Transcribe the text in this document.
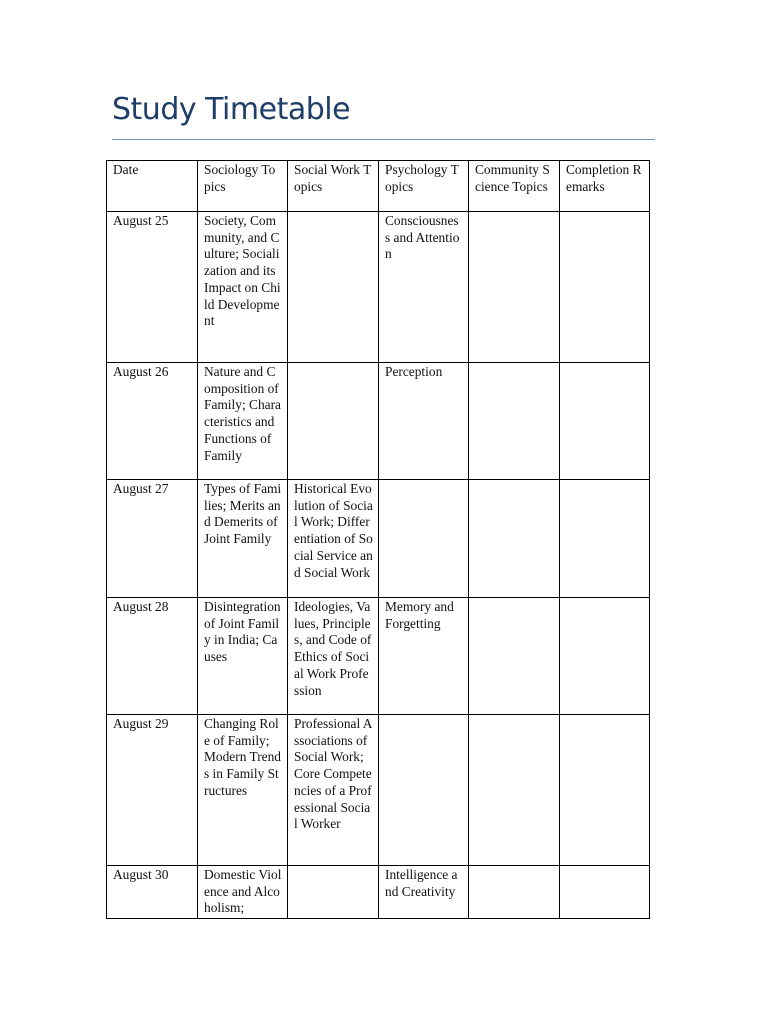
Study Timetable
Date	Sociology Topics	Social Work Topics	Psychology Topics	Community Science Topics	Completion Remarks
August 25	Society, Community, and Culture; Socialization and its Impact on Child Development		Consciousness and Attention		
August 26	Nature and Composition of Family; Characteristics and Functions of Family		Perception		
August 27	Types of Families; Merits and Demerits of Joint Family	Historical Evolution of Social Work; Differentiation of Social Service and Social Work			
August 28	Disintegration of Joint Family in India; Causes	Ideologies, Values, Principles, and Code of Ethics of Social Work Profession	Memory and Forgetting		
August 29	Changing Role of Family; Modern Trends in Family Structures	Professional Associations of Social Work; Core Competencies of a Professional Social Worker			
August 30	Domestic Violence and Alcoholism;		Intelligence and Creativity		
